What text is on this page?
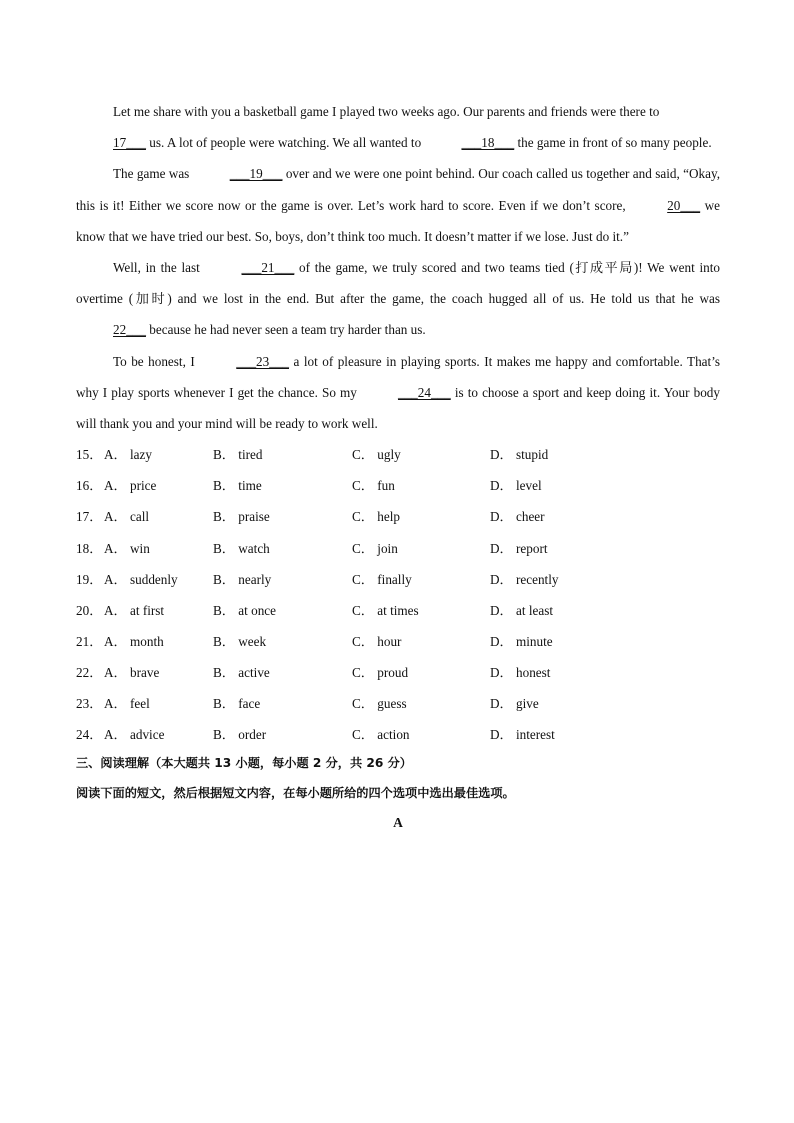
Let me share with you a basketball game I played two weeks ago. Our parents and friends were there to
17___ us. A lot of people were watching. We all wanted to	___18___ the game in front of so many people.

The game was	___19___ over and we were one point behind. Our coach called us together and said, “Okay, this is it! Either we score now or the game is over. Let’s work hard to score. Even if we don’t score,	20___ we know that we have tried our best. So, boys, don’t think too much. It doesn’t matter if we lose. Just do it.”

Well, in the last	___21___ of the game, we truly scored and two teams tied (打成平局)! We went into overtime (加时) and we lost in the end. But after the game, the coach hugged all of us. He told us that he was 22___ because he had never seen a team try harder than us.

To be honest, I	___23___ a lot of pleasure in playing sports. It makes me happy and comfortable. That’s why I play sports whenever I get the chance. So my	___24___ is to choose a sport and keep doing it. Your body will thank you and your mind will be ready to work well.

15． A． lazy	B． tired	C． ugly	D． stupid
16． A． price	B． time	C． fun	D． level
17． A． call	B． praise	C． help	D． cheer
18． A． win	B． watch	C． join	D． report
19． A． suddenly	B． nearly	C． finally	D． recently
20． A． at first	B． at once	C． at times	D． at least
21． A． month	B． week	C． hour	D． minute
22． A． brave	B． active	C． proud	D． honest
23． A． feel	B． face	C． guess	D． give
24． A． advice	B． order	C． action	D． interest
三、阅读理解（本大题共 13 小题，每小题 2 分，共 26 分）
阅读下面的短文，然后根据短文内容，在每小题所给的四个选项中选出最佳选项。
A
